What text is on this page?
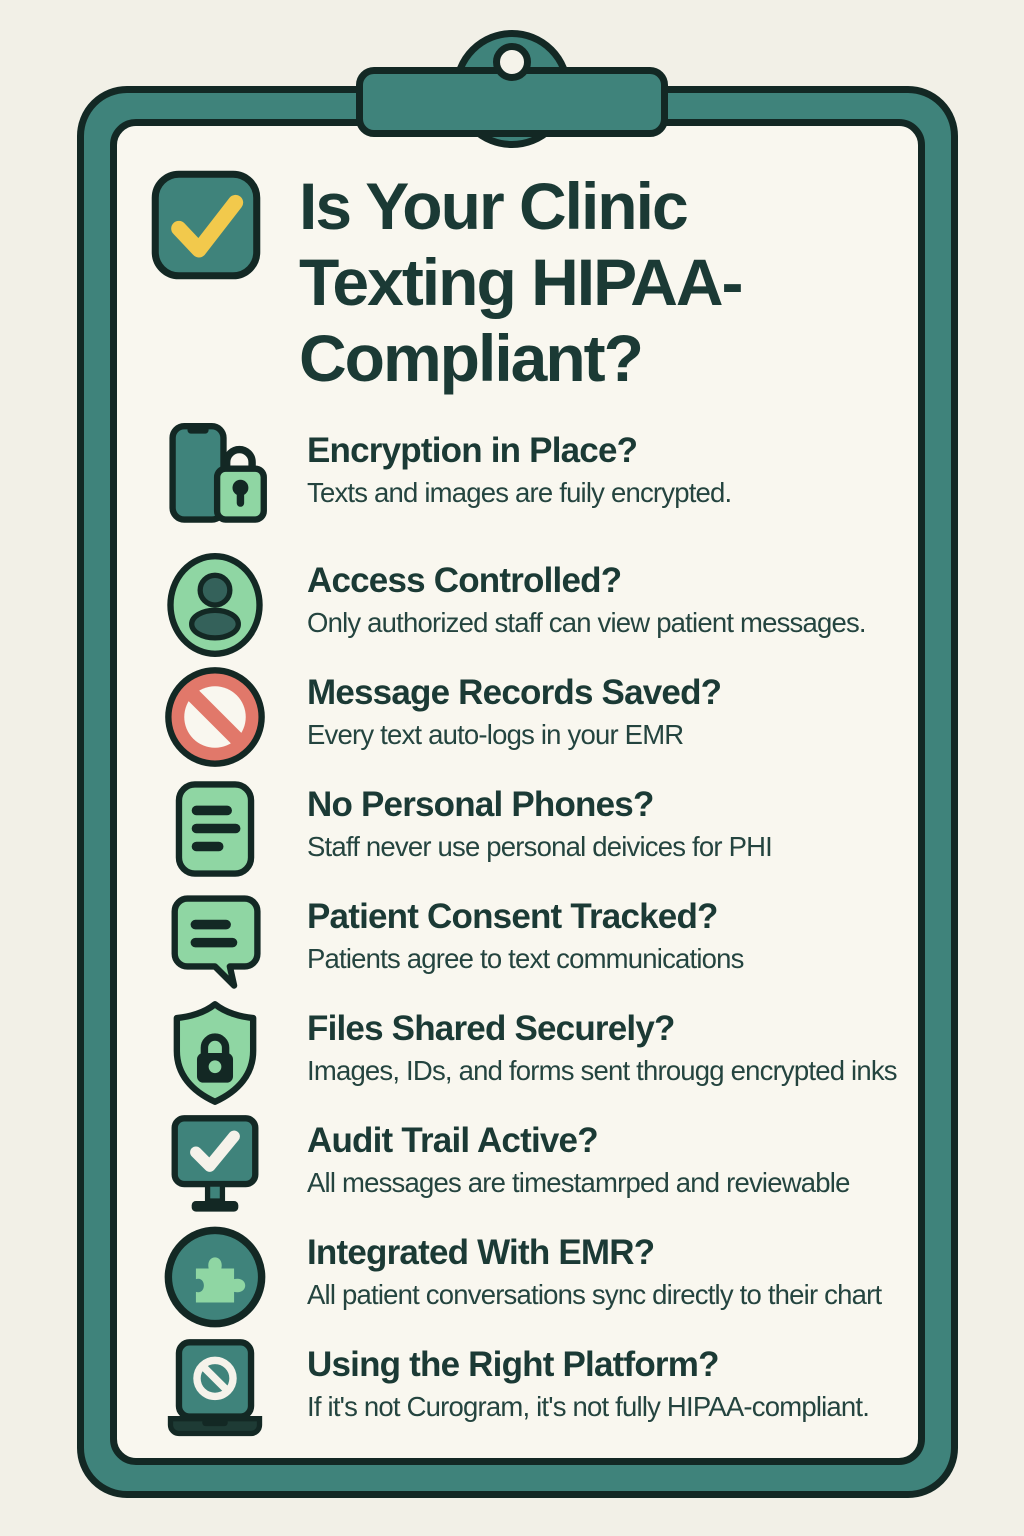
Is Your Clinic
Texting HIPAA-
Compliant?
Encryption in Place?
Texts and images are fuily encrypted.
Access Controlled?
Only authorized staff can view patient messages.
Message Records Saved?
Every text auto-logs in your EMR
No Personal Phones?
Staff never use personal deivices for PHI
Patient Consent Tracked?
Patients agree to text communications
Files Shared Securely?
Images, IDs, and forms sent througg encrypted inks
Audit Trail Active?
All messages are timestamrped and reviewable
Integrated With EMR?
All patient conversations sync directly to their chart
Using the Right Platform?
If it's not Curogram, it's not fully HIPAA-compliant.
